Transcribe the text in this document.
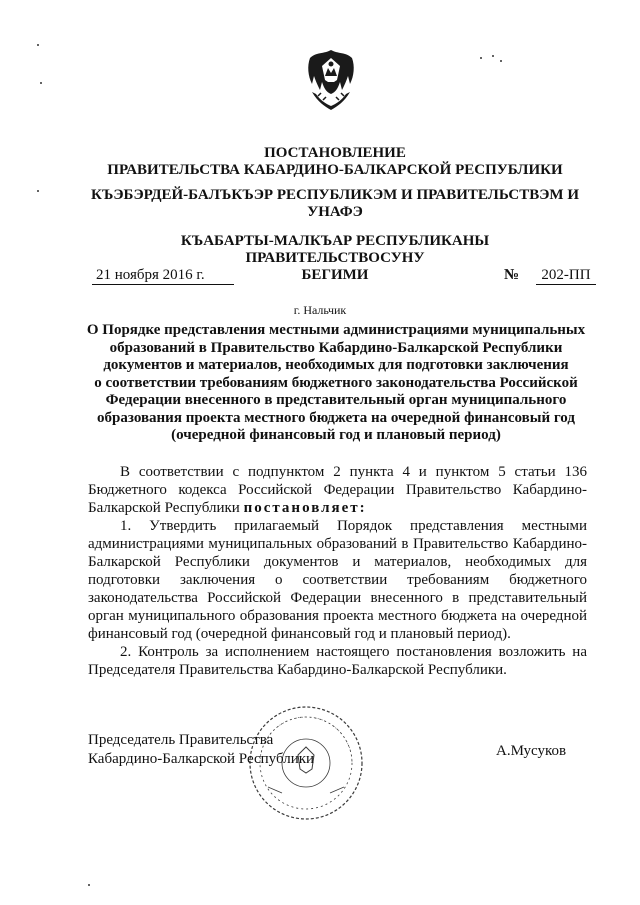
ПОСТАНОВЛЕНИЕ
ПРАВИТЕЛЬСТВА КАБАРДИНО-БАЛКАРСКОЙ РЕСПУБЛИКИ
КЪЭБЭРДЕЙ-БАЛЪКЪЭР РЕСПУБЛИКЭМ И ПРАВИТЕЛЬСТВЭМ И
УНАФЭ
КЪАБАРТЫ-МАЛКЪАР РЕСПУБЛИКАНЫ ПРАВИТЕЛЬСТВОСУНУ
БЕГИМИ
21 ноября 2016 г.	№	202-ПП
г. Нальчик
О Порядке представления местными администрациями муниципальных
образований в Правительство Кабардино-Балкарской Республики
документов и материалов, необходимых для подготовки заключения
о соответствии требованиям бюджетного законодательства Российской
Федерации внесенного в представительный орган муниципального
образования проекта местного бюджета на очередной финансовый год
(очередной финансовый год и плановый период)

В соответствии с подпунктом 2 пункта 4 и пунктом 5 статьи 136 Бюджетного кодекса Российской Федерации Правительство Кабардино-Балкарской Республики постановляет:

1. Утвердить прилагаемый Порядок представления местными администрациями муниципальных образований в Правительство Кабардино-Балкарской Республики документов и материалов, необходимых для подготовки заключения о соответствии требованиям бюджетного законодательства Российской Федерации внесенного в представительный орган муниципального образования проекта местного бюджета на очередной финансовый год (очередной финансовый год и плановый период).

2. Контроль за исполнением настоящего постановления возложить на Председателя Правительства Кабардино-Балкарской Республики.

Председатель Правительства
Кабардино-Балкарской Республики	А.Мусуков
